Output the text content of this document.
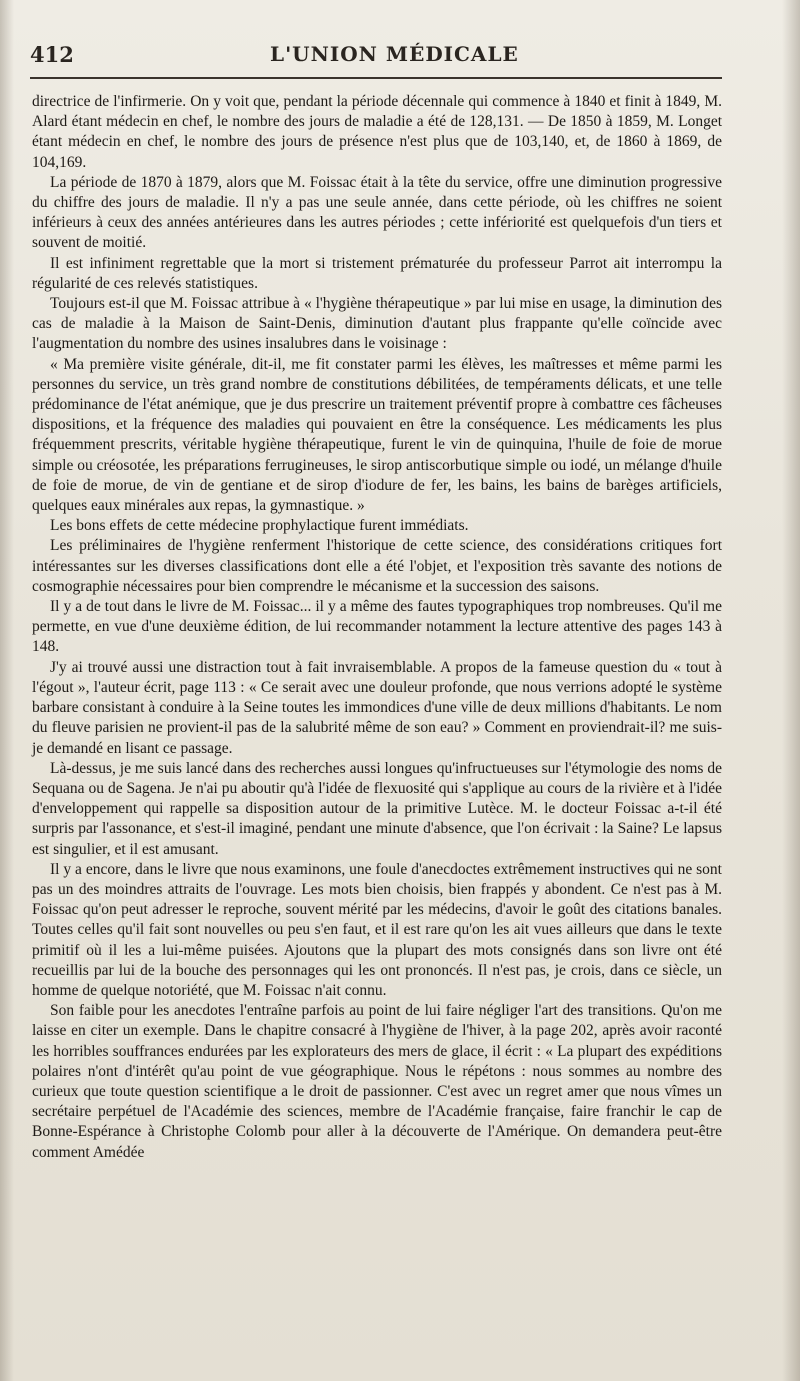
412	L'UNION MÉDICALE

directrice de l'infirmerie. On y voit que, pendant la période décennale qui commence à 1840 et finit à 1849, M. Alard étant médecin en chef, le nombre des jours de maladie a été de 128,131. — De 1850 à 1859, M. Longet étant médecin en chef, le nombre des jours de présence n'est plus que de 103,140, et, de 1860 à 1869, de 104,169.

La période de 1870 à 1879, alors que M. Foissac était à la tête du service, offre une diminution progressive du chiffre des jours de maladie. Il n'y a pas une seule année, dans cette période, où les chiffres ne soient inférieurs à ceux des années antérieures dans les autres périodes ; cette infériorité est quelquefois d'un tiers et souvent de moitié.

Il est infiniment regrettable que la mort si tristement prématurée du professeur Parrot ait interrompu la régularité de ces relevés statistiques.

Toujours est-il que M. Foissac attribue à « l'hygiène thérapeutique » par lui mise en usage, la diminution des cas de maladie à la Maison de Saint-Denis, diminution d'autant plus frappante qu'elle coïncide avec l'augmentation du nombre des usines insalubres dans le voisinage :

« Ma première visite générale, dit-il, me fit constater parmi les élèves, les maîtresses et même parmi les personnes du service, un très grand nombre de constitutions débilitées, de tempéraments délicats, et une telle prédominance de l'état anémique, que je dus prescrire un traitement préventif propre à combattre ces fâcheuses dispositions, et la fréquence des maladies qui pouvaient en être la conséquence. Les médicaments les plus fréquemment prescrits, véritable hygiène thérapeutique, furent le vin de quinquina, l'huile de foie de morue simple ou créosotée, les préparations ferrugineuses, le sirop antiscorbutique simple ou iodé, un mélange d'huile de foie de morue, de vin de gentiane et de sirop d'iodure de fer, les bains, les bains de barèges artificiels, quelques eaux minérales aux repas, la gymnastique. »

Les bons effets de cette médecine prophylactique furent immédiats.

Les préliminaires de l'hygiène renferment l'historique de cette science, des considérations critiques fort intéressantes sur les diverses classifications dont elle a été l'objet, et l'exposition très savante des notions de cosmographie nécessaires pour bien comprendre le mécanisme et la succession des saisons.

Il y a de tout dans le livre de M. Foissac... il y a même des fautes typographiques trop nombreuses. Qu'il me permette, en vue d'une deuxième édition, de lui recommander notamment la lecture attentive des pages 143 à 148.

J'y ai trouvé aussi une distraction tout à fait invraisemblable. A propos de la fameuse question du « tout à l'égout », l'auteur écrit, page 113 : « Ce serait avec une douleur profonde, que nous verrions adopté le système barbare consistant à conduire à la Seine toutes les immondices d'une ville de deux millions d'habitants. Le nom du fleuve parisien ne provient-il pas de la salubrité même de son eau? » Comment en proviendrait-il? me suis-je demandé en lisant ce passage.

Là-dessus, je me suis lancé dans des recherches aussi longues qu'infructueuses sur l'étymologie des noms de Sequana ou de Sagena. Je n'ai pu aboutir qu'à l'idée de flexuosité qui s'applique au cours de la rivière et à l'idée d'enveloppement qui rappelle sa disposition autour de la primitive Lutèce. M. le docteur Foissac a-t-il été surpris par l'assonance, et s'est-il imaginé, pendant une minute d'absence, que l'on écrivait : la Saine? Le lapsus est singulier, et il est amusant.

Il y a encore, dans le livre que nous examinons, une foule d'anecdoctes extrêmement instructives qui ne sont pas un des moindres attraits de l'ouvrage. Les mots bien choisis, bien frappés y abondent. Ce n'est pas à M. Foissac qu'on peut adresser le reproche, souvent mérité par les médecins, d'avoir le goût des citations banales. Toutes celles qu'il fait sont nouvelles ou peu s'en faut, et il est rare qu'on les ait vues ailleurs que dans le texte primitif où il les a lui-même puisées. Ajoutons que la plupart des mots consignés dans son livre ont été recueillis par lui de la bouche des personnages qui les ont prononcés. Il n'est pas, je crois, dans ce siècle, un homme de quelque notoriété, que M. Foissac n'ait connu.

Son faible pour les anecdotes l'entraîne parfois au point de lui faire négliger l'art des transitions. Qu'on me laisse en citer un exemple. Dans le chapitre consacré à l'hygiène de l'hiver, à la page 202, après avoir raconté les horribles souffrances endurées par les explorateurs des mers de glace, il écrit : « La plupart des expéditions polaires n'ont d'intérêt qu'au point de vue géographique. Nous le répétons : nous sommes au nombre des curieux que toute question scientifique a le droit de passionner. C'est avec un regret amer que nous vîmes un secrétaire perpétuel de l'Académie des sciences, membre de l'Académie française, faire franchir le cap de Bonne-Espérance à Christophe Colomb pour aller à la découverte de l'Amérique. On demandera peut-être comment Amédée
